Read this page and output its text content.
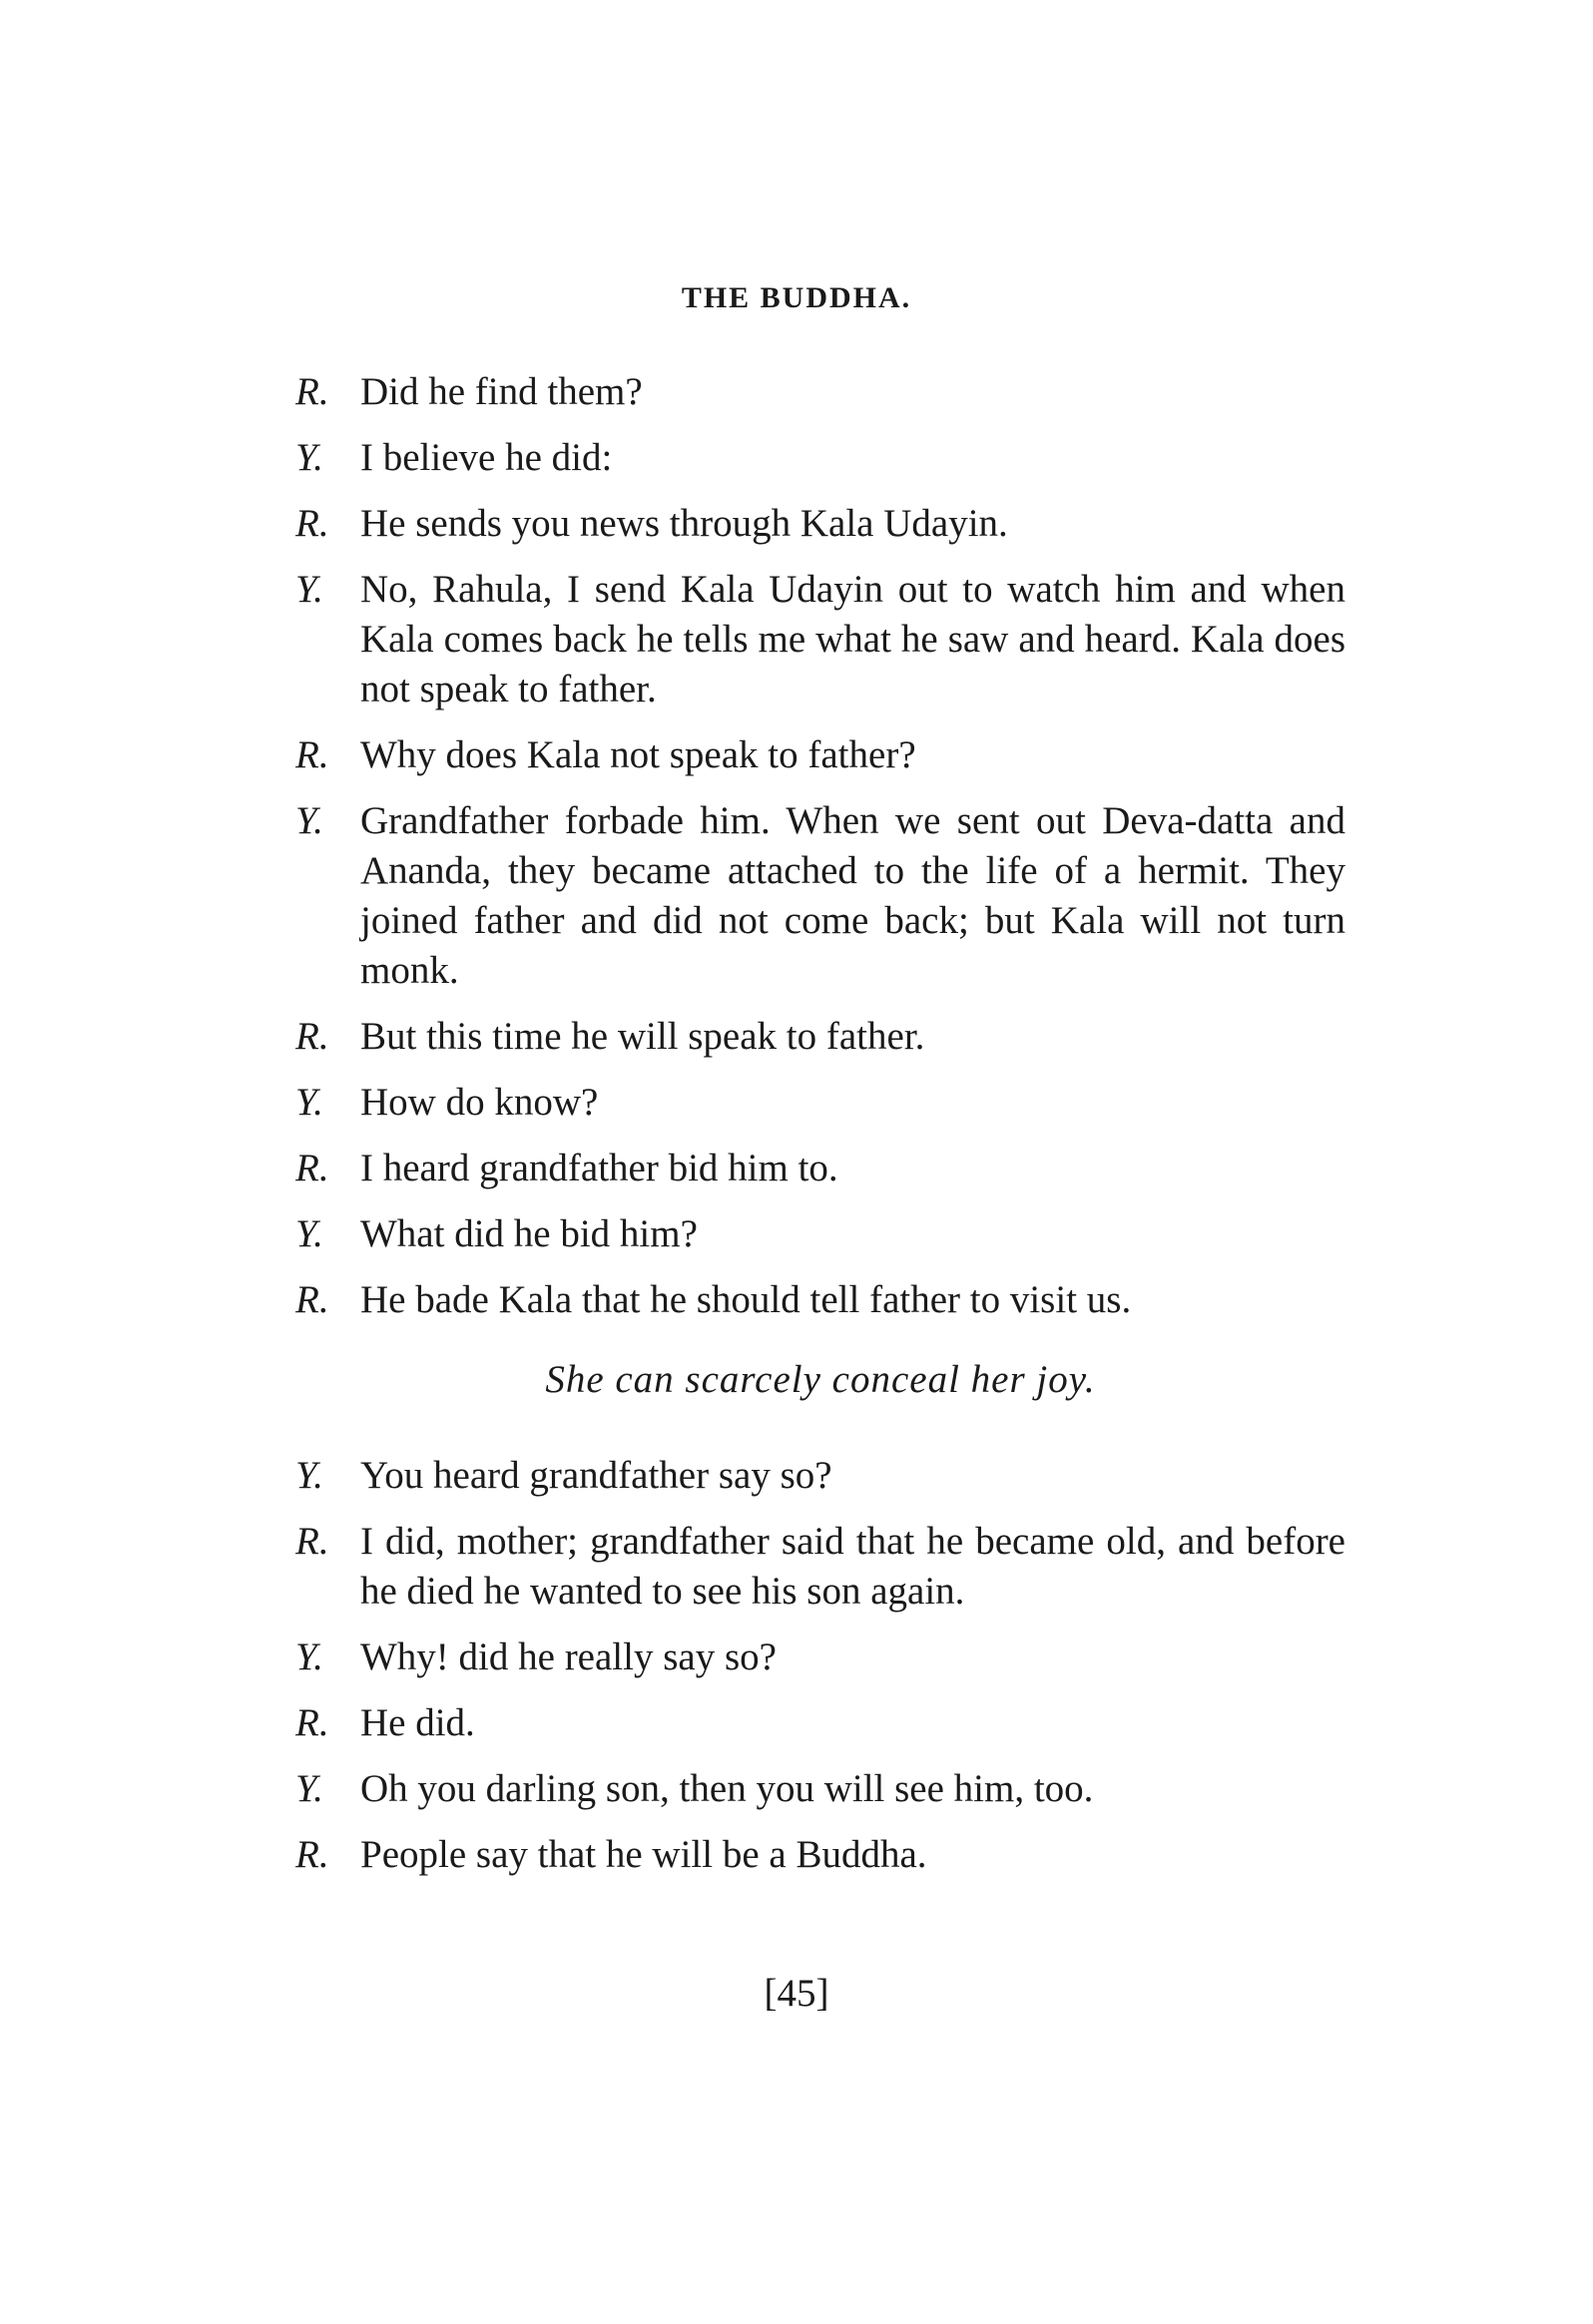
THE BUDDHA.
R. Did he find them?
Y. I believe he did:
R. He sends you news through Kala Udayin.
Y. No, Rahula, I send Kala Udayin out to watch him and when Kala comes back he tells me what he saw and heard. Kala does not speak to father.
R. Why does Kala not speak to father?
Y. Grandfather forbade him. When we sent out Deva-datta and Ananda, they became attached to the life of a hermit. They joined father and did not come back; but Kala will not turn monk.
R. But this time he will speak to father.
Y. How do know?
R. I heard grandfather bid him to.
Y. What did he bid him?
R. He bade Kala that he should tell father to visit us.
She can scarcely conceal her joy.
Y. You heard grandfather say so?
R. I did, mother; grandfather said that he became old, and before he died he wanted to see his son again.
Y. Why! did he really say so?
R. He did.
Y. Oh you darling son, then you will see him, too.
R. People say that he will be a Buddha.
[45]
